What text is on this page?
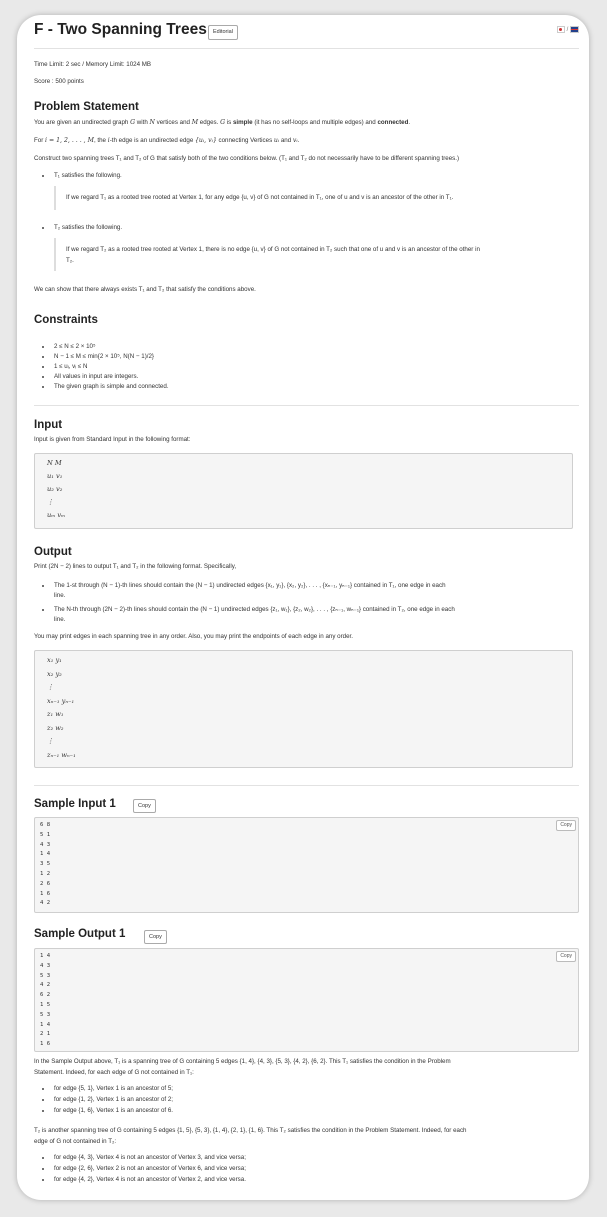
F - Two Spanning Trees	Editorial	/
Time Limit: 2 sec / Memory Limit: 1024 MB
Score : 500 points
Problem Statement
You are given an undirected graph G with N vertices and M edges. G is simple (it has no self-loops and multiple edges) and connected.
For i = 1, 2, . . . , M, the i-th edge is an undirected edge {uᵢ, vᵢ} connecting Vertices uᵢ and vᵢ.
Construct two spanning trees T₁ and T₂ of G that satisfy both of the two conditions below. (T₁ and T₂ do not necessarily have to be different spanning trees.)
T₁ satisfies the following.
If we regard T₁ as a rooted tree rooted at Vertex 1, for any edge {u, v} of G not contained in T₁, one of u and v is an ancestor of the other in T₁.
T₂ satisfies the following.
If we regard T₂ as a rooted tree rooted at Vertex 1, there is no edge {u, v} of G not contained in T₂ such that one of u and v is an ancestor of the other in
T₂.
We can show that there always exists T₁ and T₂ that satisfy the conditions above.
Constraints
2 ≤ N ≤ 2 × 10⁵
N − 1 ≤ M ≤ min{2 × 10⁵, N(N − 1)/2}
1 ≤ uᵢ, vᵢ ≤ N
All values in input are integers.
The given graph is simple and connected.
Input
Input is given from Standard Input in the following format:
N M
u₁ v₁
u₂ v₂
⋮
uₘ vₘ
Output
Print (2N − 2) lines to output T₁ and T₂ in the following format. Specifically,
The 1-st through (N − 1)-th lines should contain the (N − 1) undirected edges {x₁, y₁}, {x₂, y₂}, . . . , {xₙ₋₁, yₙ₋₁} contained in T₁, one edge in each
line.
The N-th through (2N − 2)-th lines should contain the (N − 1) undirected edges {z₁, w₁}, {z₂, w₂}, . . . , {zₙ₋₁, wₙ₋₁} contained in T₂, one edge in each
line.
You may print edges in each spanning tree in any order. Also, you may print the endpoints of each edge in any order.
x₁ y₁
x₂ y₂
⋮
xₙ₋₁ yₙ₋₁
z₁ w₁
z₂ w₂
⋮
zₙ₋₁ wₙ₋₁
Sample Input 1	Copy
Copy
6 8
5 1
4 3
1 4
3 5
1 2
2 6
1 6
4 2
Sample Output 1	Copy
Copy
1 4
4 3
5 3
4 2
6 2
1 5
5 3
1 4
2 1
1 6
In the Sample Output above, T₁ is a spanning tree of G containing 5 edges {1, 4}, {4, 3}, {5, 3}, {4, 2}, {6, 2}. This T₁ satisfies the condition in the Problem
Statement. Indeed, for each edge of G not contained in T₁:
for edge {5, 1}, Vertex 1 is an ancestor of 5;
for edge {1, 2}, Vertex 1 is an ancestor of 2;
for edge {1, 6}, Vertex 1 is an ancestor of 6.
T₂ is another spanning tree of G containing 5 edges {1, 5}, {5, 3}, {1, 4}, {2, 1}, {1, 6}. This T₂ satisfies the condition in the Problem Statement. Indeed, for each
edge of G not contained in T₂:
for edge {4, 3}, Vertex 4 is not an ancestor of Vertex 3, and vice versa;
for edge {2, 6}, Vertex 2 is not an ancestor of Vertex 6, and vice versa;
for edge {4, 2}, Vertex 4 is not an ancestor of Vertex 2, and vice versa.
